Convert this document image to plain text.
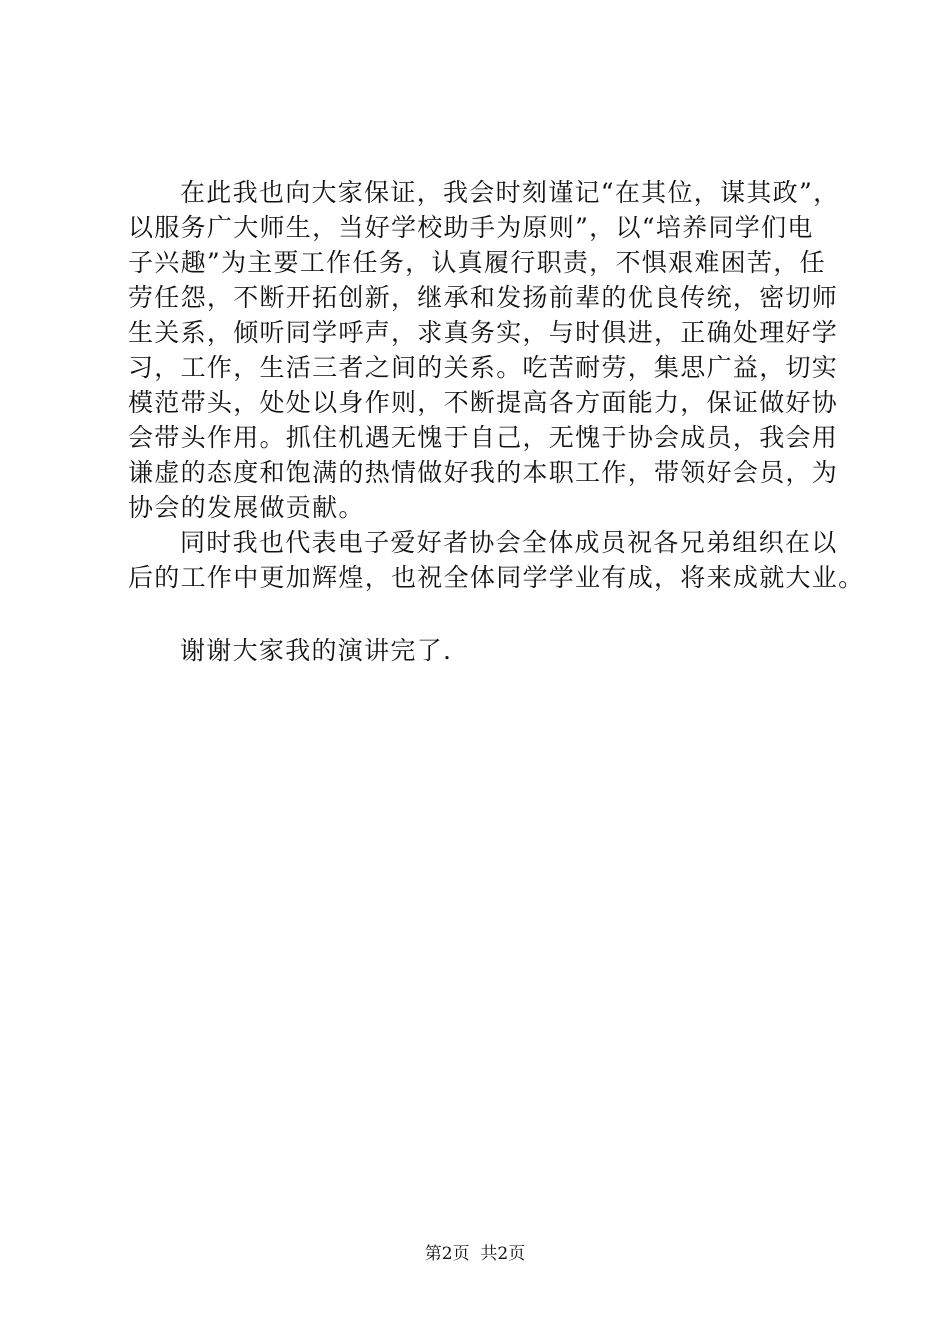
在此我也向大家保证，我会时刻谨记“在其位，谋其政”，
以服务广大师生，当好学校助手为原则”，以“培养同学们电
子兴趣”为主要工作任务，认真履行职责，不惧艰难困苦，任
劳任怨，不断开拓创新，继承和发扬前辈的优良传统，密切师
生关系，倾听同学呼声，求真务实，与时俱进，正确处理好学
习，工作，生活三者之间的关系。吃苦耐劳，集思广益，切实
模范带头，处处以身作则，不断提高各方面能力，保证做好协
会带头作用。抓住机遇无愧于自己，无愧于协会成员，我会用
谦虚的态度和饱满的热情做好我的本职工作，带领好会员，为
协会的发展做贡献。
同时我也代表电子爱好者协会全体成员祝各兄弟组织在以
后的工作中更加辉煌，也祝全体同学学业有成，将来成就大业。
谢谢大家我的演讲完了.
第2页  共2页
